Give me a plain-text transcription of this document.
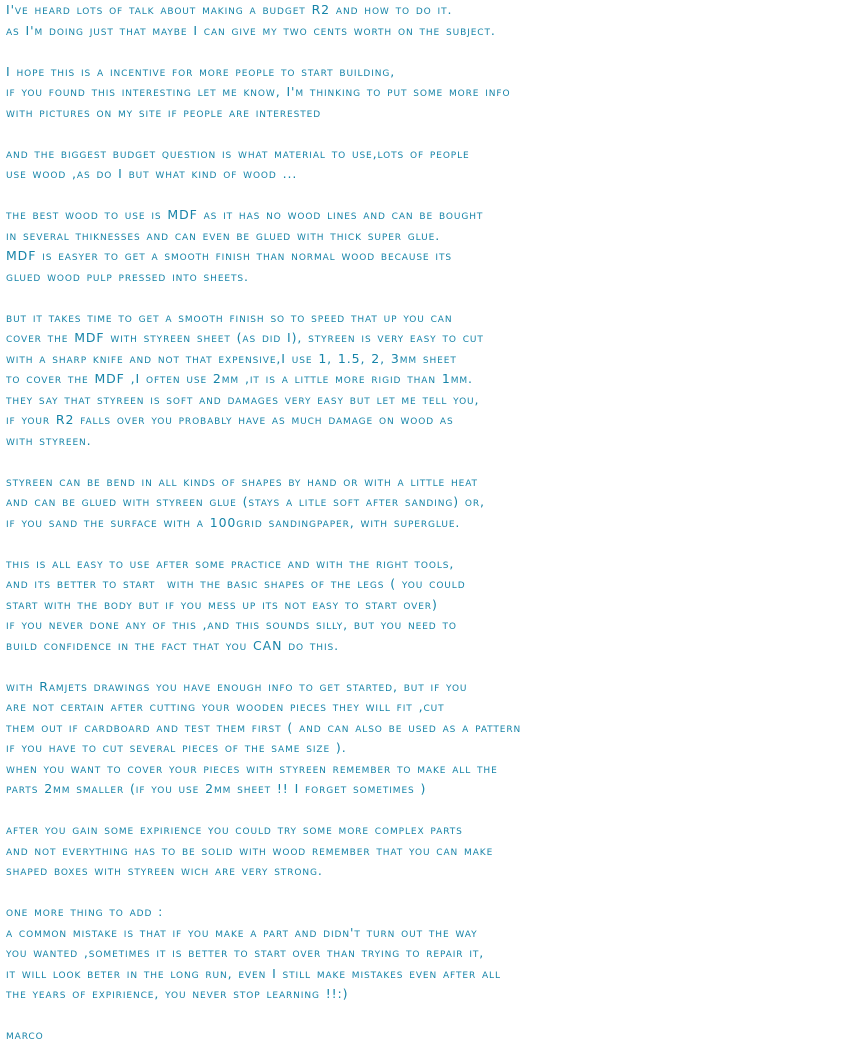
I've heard lots of talk about making a budget R2 and how to do it.
as I'm doing just that maybe I can give my two cents worth on the subject.
I hope this is a incentive for more people to start building,
if you found this interesting let me know, I'm thinking to put some more info
with pictures on my site if people are interested
and the biggest budget question is what material to use,lots of people
use wood ,as do I but what kind of wood ...
the best wood to use is MDF as it has no wood lines and can be bought
in several thiknesses and can even be glued with thick super glue.
MDF is easyer to get a smooth finish than normal wood because its
glued wood pulp pressed into sheets.
but it takes time to get a smooth finish so to speed that up you can
cover the MDF with styreen sheet (as did I), styreen is very easy to cut
with a sharp knife and not that expensive,I use 1, 1.5, 2, 3mm sheet
to cover the MDF ,I often use 2mm ,it is a little more rigid than 1mm.
they say that styreen is soft and damages very easy but let me tell you,
if your R2 falls over you probably have as much damage on wood as
with styreen.
styreen can be bend in all kinds of shapes by hand or with a little heat
and can be glued with styreen glue (stays a litle soft after sanding) or,
if you sand the surface with a 100grid sandingpaper, with superglue.
this is all easy to use after some practice and with the right tools,
and its better to start  with the basic shapes of the legs ( you could
start with the body but if you mess up its not easy to start over)
if you never done any of this ,and this sounds silly, but you need to
build confidence in the fact that you CAN do this.
with Ramjets drawings you have enough info to get started, but if you
are not certain after cutting your wooden pieces they will fit ,cut
them out if cardboard and test them first ( and can also be used as a pattern
if you have to cut several pieces of the same size ).
when you want to cover your pieces with styreen remember to make all the
parts 2mm smaller (if you use 2mm sheet !! I forget sometimes )
after you gain some expirience you could try some more complex parts
and not everything has to be solid with wood remember that you can make
shaped boxes with styreen wich are very strong.
one more thing to add :
a common mistake is that if you make a part and didn't turn out the way
you wanted ,sometimes it is better to start over than trying to repair it,
it will look beter in the long run, even I still make mistakes even after all
the years of expirience, you never stop learning !!:)
marco
